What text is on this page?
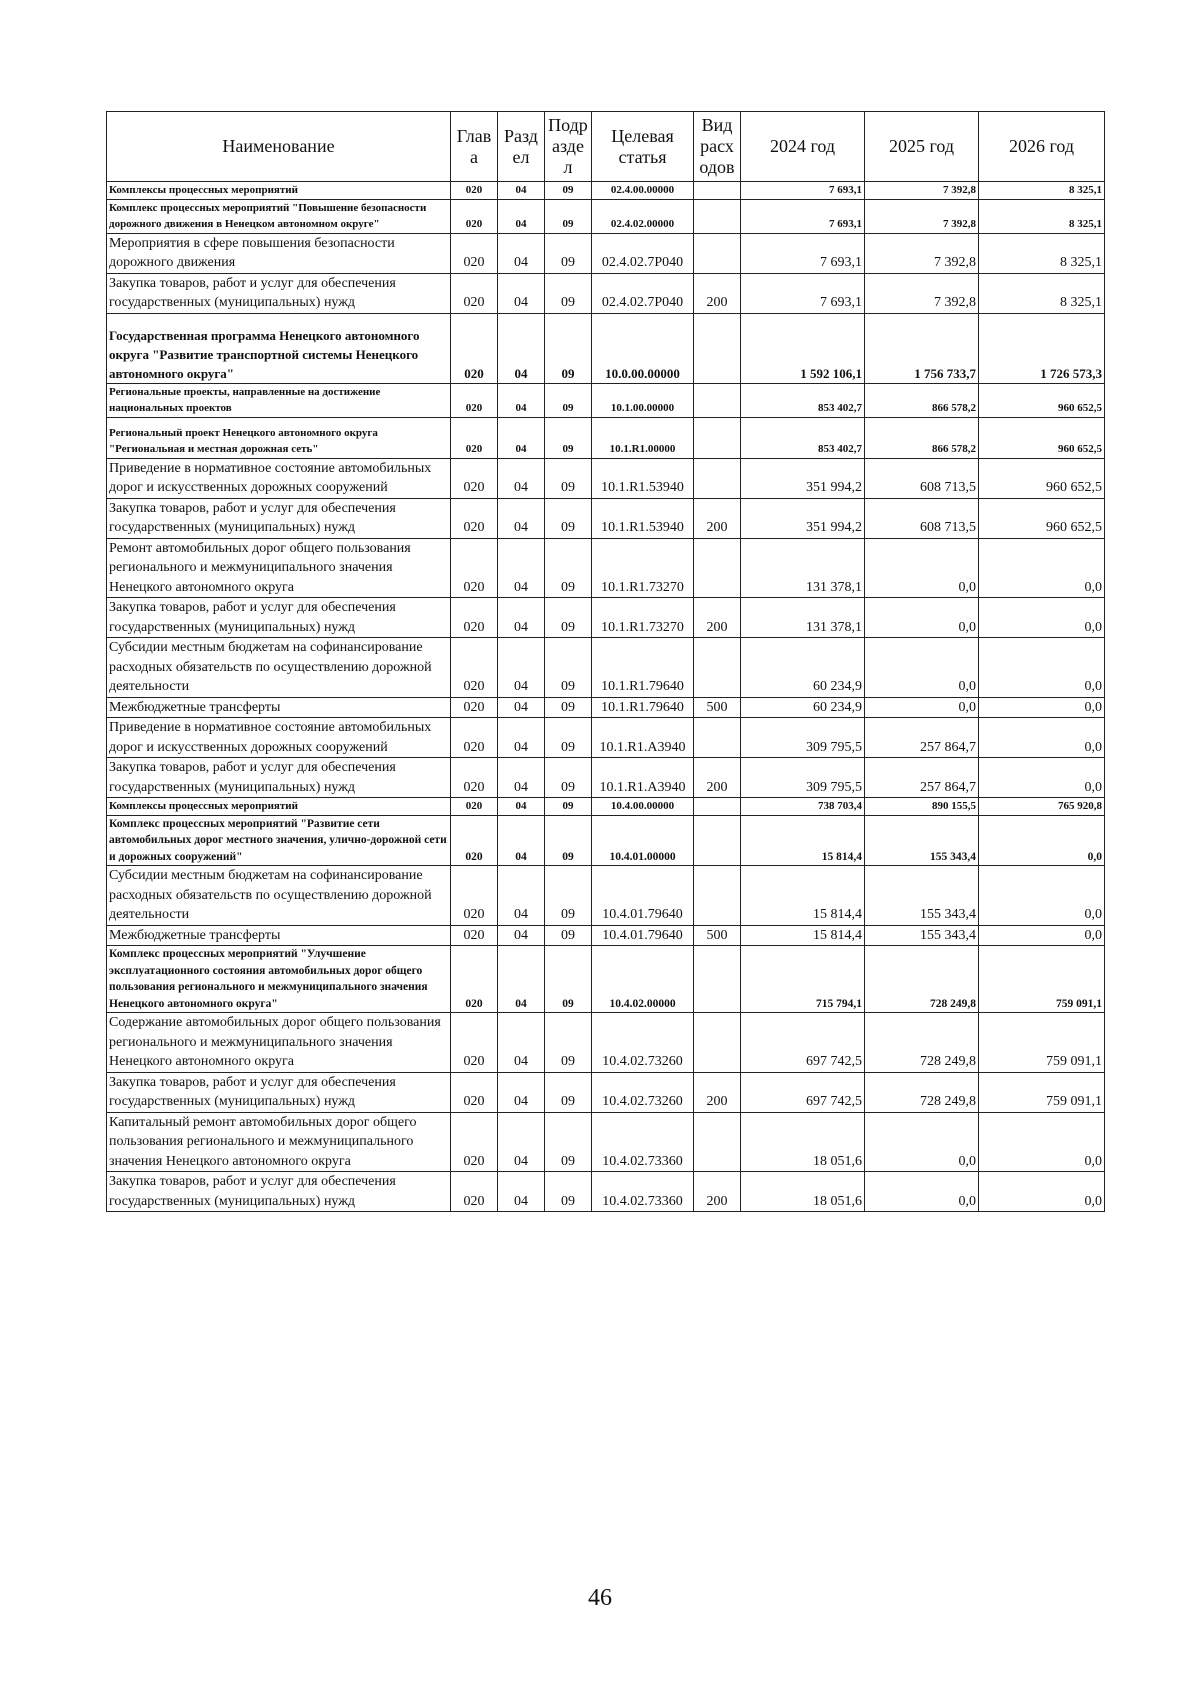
Наименование	Глав а	Разд ел	Подр азде л	Целевая статья	Вид расх одов	2024 год	2025 год	2026 год
Комплексы процессных мероприятий	020	04	09	02.4.00.00000		7 693,1	7 392,8	8 325,1
Комплекс процессных мероприятий "Повышение безопасности дорожного движения в Ненецком автономном округе"	020	04	09	02.4.02.00000		7 693,1	7 392,8	8 325,1
Мероприятия в сфере повышения безопасности дорожного движения	020	04	09	02.4.02.7Р040		7 693,1	7 392,8	8 325,1
Закупка товаров, работ и услуг для обеспечения государственных (муниципальных) нужд	020	04	09	02.4.02.7Р040	200	7 693,1	7 392,8	8 325,1
Государственная программа Ненецкого автономного округа "Развитие транспортной системы Ненецкого автономного округа"	020	04	09	10.0.00.00000		1 592 106,1	1 756 733,7	1 726 573,3
Региональные проекты, направленные на достижение национальных проектов	020	04	09	10.1.00.00000		853 402,7	866 578,2	960 652,5
Региональный проект Ненецкого автономного округа "Региональная и местная дорожная сеть"	020	04	09	10.1.R1.00000		853 402,7	866 578,2	960 652,5
Приведение в нормативное состояние автомобильных дорог и искусственных дорожных сооружений	020	04	09	10.1.R1.53940		351 994,2	608 713,5	960 652,5
Закупка товаров, работ и услуг для обеспечения государственных (муниципальных) нужд	020	04	09	10.1.R1.53940	200	351 994,2	608 713,5	960 652,5
Ремонт автомобильных дорог общего пользования регионального и межмуниципального значения Ненецкого автономного округа	020	04	09	10.1.R1.73270		131 378,1	0,0	0,0
Закупка товаров, работ и услуг для обеспечения государственных (муниципальных) нужд	020	04	09	10.1.R1.73270	200	131 378,1	0,0	0,0
Субсидии местным бюджетам на софинансирование расходных обязательств по осуществлению дорожной деятельности	020	04	09	10.1.R1.79640		60 234,9	0,0	0,0
Межбюджетные трансферты	020	04	09	10.1.R1.79640	500	60 234,9	0,0	0,0
Приведение в нормативное состояние автомобильных дорог и искусственных дорожных сооружений	020	04	09	10.1.R1.А3940		309 795,5	257 864,7	0,0
Закупка товаров, работ и услуг для обеспечения государственных (муниципальных) нужд	020	04	09	10.1.R1.А3940	200	309 795,5	257 864,7	0,0
Комплексы процессных мероприятий	020	04	09	10.4.00.00000		738 703,4	890 155,5	765 920,8
Комплекс процессных мероприятий "Развитие сети автомобильных дорог местного значения, улично-дорожной сети и дорожных сооружений"	020	04	09	10.4.01.00000		15 814,4	155 343,4	0,0
Субсидии местным бюджетам на софинансирование расходных обязательств по осуществлению дорожной деятельности	020	04	09	10.4.01.79640		15 814,4	155 343,4	0,0
Межбюджетные трансферты	020	04	09	10.4.01.79640	500	15 814,4	155 343,4	0,0
Комплекс процессных мероприятий "Улучшение эксплуатационного состояния автомобильных дорог общего пользования регионального и межмуниципального значения Ненецкого автономного округа"	020	04	09	10.4.02.00000		715 794,1	728 249,8	759 091,1
Содержание автомобильных дорог общего пользования регионального и межмуниципального значения Ненецкого автономного округа	020	04	09	10.4.02.73260		697 742,5	728 249,8	759 091,1
Закупка товаров, работ и услуг для обеспечения государственных (муниципальных) нужд	020	04	09	10.4.02.73260	200	697 742,5	728 249,8	759 091,1
Капитальный ремонт автомобильных дорог общего пользования регионального и межмуниципального значения Ненецкого автономного округа	020	04	09	10.4.02.73360		18 051,6	0,0	0,0
Закупка товаров, работ и услуг для обеспечения государственных (муниципальных) нужд	020	04	09	10.4.02.73360	200	18 051,6	0,0	0,0
46
